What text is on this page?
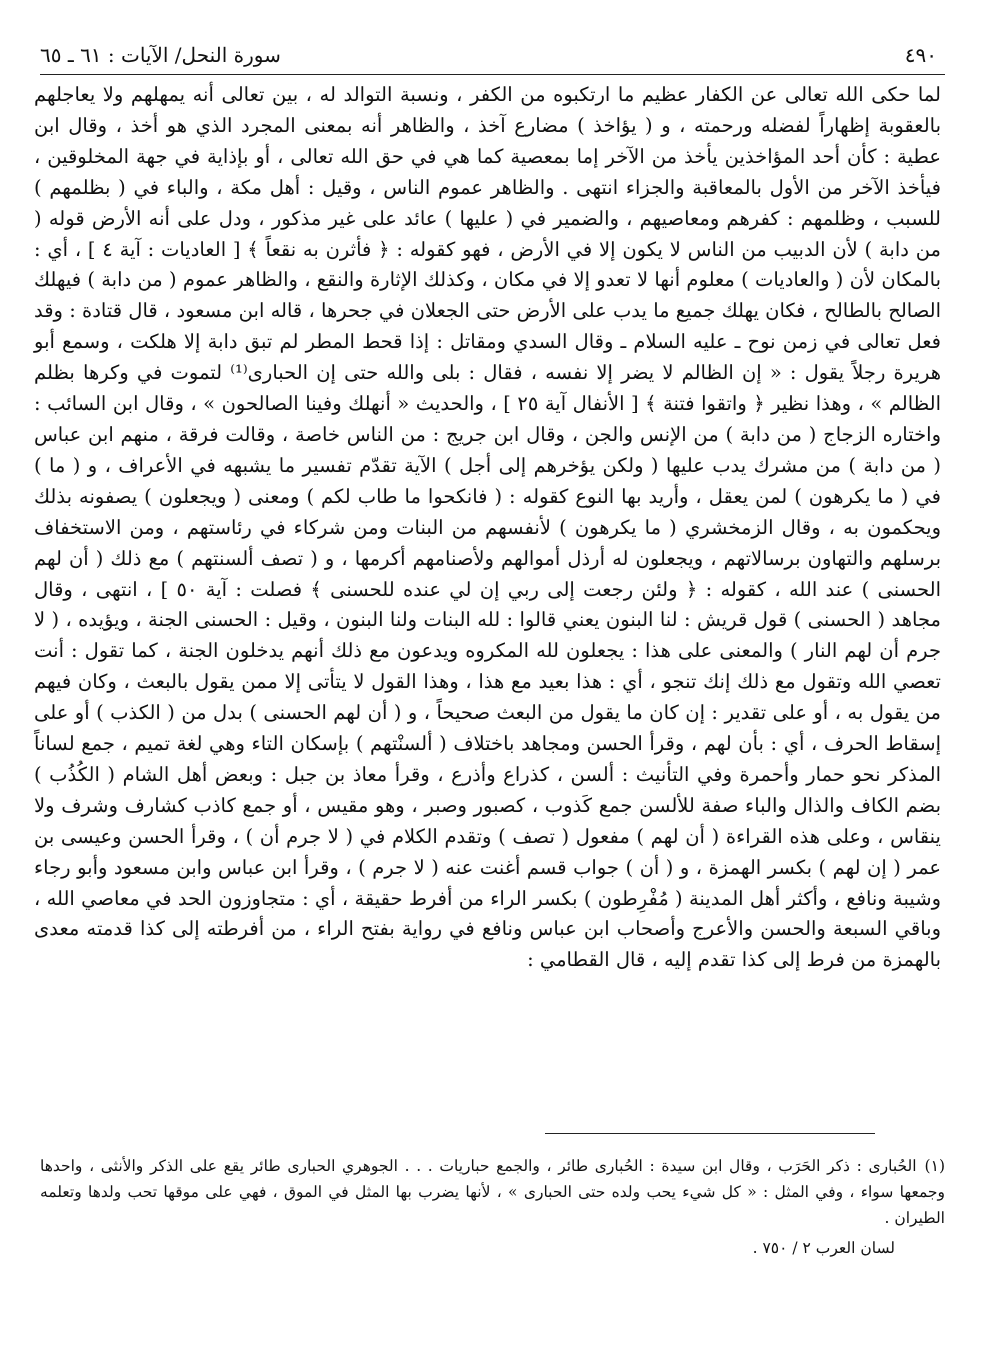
٤٩٠
سورة النحل/ الآيات : ٦١ ـ ٦٥

لما حكى الله تعالى عن الكفار عظيم ما ارتكبوه من الكفر ، ونسبة التوالد له ، بين تعالى أنه يمهلهم ولا يعاجلهم بالعقوبة إظهاراً لفضله ورحمته ، و ( يؤاخذ ) مضارع آخذ ، والظاهر أنه بمعنى المجرد الذي هو أخذ ، وقال ابن عطية : كأن أحد المؤاخذين يأخذ من الآخر إما بمعصية كما هي في حق الله تعالى ، أو بإذاية في جهة المخلوقين ، فيأخذ الآخر من الأول بالمعاقبة والجزاء انتهى . والظاهر عموم الناس ، وقيل : أهل مكة ، والباء في ( بظلمهم ) للسبب ، وظلمهم : كفرهم ومعاصيهم ، والضمير في ( عليها ) عائد على غير مذكور ، ودل على أنه الأرض قوله ( من دابة ) لأن الدبيب من الناس لا يكون إلا في الأرض ، فهو كقوله : ﴿ فأثرن به نقعاً ﴾ [ العاديات : آية ٤ ] ، أي : بالمكان لأن ( والعاديات ) معلوم أنها لا تعدو إلا في مكان ، وكذلك الإثارة والنقع ، والظاهر عموم ( من دابة ) فيهلك الصالح بالطالح ، فكان يهلك جميع ما يدب على الأرض حتى الجعلان في جحرها ، قاله ابن مسعود ، قال قتادة : وقد فعل تعالى في زمن نوح ـ عليه السلام ـ وقال السدي ومقاتل : إذا قحط المطر لم تبق دابة إلا هلكت ، وسمع أبو هريرة رجلاً يقول : « إن الظالم لا يضر إلا نفسه ، فقال : بلى والله حتى إن الحبارى⁽¹⁾ لتموت في وكرها بظلم الظالم » ، وهذا نظير ﴿ واتقوا فتنة ﴾ [ الأنفال آية ٢٥ ] ، والحديث « أنهلك وفينا الصالحون » ، وقال ابن السائب : واختاره الزجاج ( من دابة ) من الإنس والجن ، وقال ابن جريج : من الناس خاصة ، وقالت فرقة ، منهم ابن عباس ( من دابة ) من مشرك يدب عليها ( ولكن يؤخرهم إلى أجل ) الآية تقدّم تفسير ما يشبهه في الأعراف ، و ( ما ) في ( ما يكرهون ) لمن يعقل ، وأريد بها النوع كقوله : ( فانكحوا ما طاب لكم ) ومعنى ( ويجعلون ) يصفونه بذلك ويحكمون به ، وقال الزمخشري ( ما يكرهون ) لأنفسهم من البنات ومن شركاء في رئاستهم ، ومن الاستخفاف برسلهم والتهاون برسالاتهم ، ويجعلون له أرذل أموالهم ولأصنامهم أكرمها ، و ( تصف ألسنتهم ) مع ذلك ( أن لهم الحسنى ) عند الله ، كقوله : ﴿ ولئن رجعت إلى ربي إن لي عنده للحسنى ﴾ فصلت : آية ٥٠ ] ، انتهى ، وقال مجاهد ( الحسنى ) قول قريش : لنا البنون يعني قالوا : لله البنات ولنا البنون ، وقيل : الحسنى الجنة ، ويؤيده ، ( لا جرم أن لهم النار ) والمعنى على هذا : يجعلون لله المكروه ويدعون مع ذلك أنهم يدخلون الجنة ، كما تقول : أنت تعصي الله وتقول مع ذلك إنك تنجو ، أي : هذا بعيد مع هذا ، وهذا القول لا يتأتى إلا ممن يقول بالبعث ، وكان فيهم من يقول به ، أو على تقدير : إن كان ما يقول من البعث صحيحاً ، و ( أن لهم الحسنى ) بدل من ( الكذب ) أو على إسقاط الحرف ، أي : بأن لهم ، وقرأ الحسن ومجاهد باختلاف ( ألسنْتهم ) بإسكان التاء وهي لغة تميم ، جمع لساناً المذكر نحو حمار وأحمرة وفي التأنيث : ألسن ، كذراع وأذرع ، وقرأ معاذ بن جبل : وبعض أهل الشام ( الكُذُب ) بضم الكاف والذال والباء صفة للألسن جمع كَذوب ، كصبور وصبر ، وهو مقيس ، أو جمع كاذب كشارف وشرف ولا ينقاس ، وعلى هذه القراءة ( أن لهم ) مفعول ( تصف ) وتقدم الكلام في ( لا جرم أن ) ، وقرأ الحسن وعيسى بن عمر ( إن لهم ) بكسر الهمزة ، و ( أن ) جواب قسم أغنت عنه ( لا جرم ) ، وقرأ ابن عباس وابن مسعود وأبو رجاء وشيبة ونافع ، وأكثر أهل المدينة ( مُفْرِطون ) بكسر الراء من أفرط حقيقة ، أي : متجاوزون الحد في معاصي الله ، وباقي السبعة والحسن والأعرج وأصحاب ابن عباس ونافع في رواية بفتح الراء ، من أفرطته إلى كذا قدمته معدى بالهمزة من فرط إلى كذا تقدم إليه ، قال القطامي :

(١)الحُبارى : ذكر الحَرَب ، وقال ابن سيدة : الحُبارى طائر ، والجمع حباريات . . . الجوهري الحبارى طائر يقع على الذكر والأنثى ، واحدها وجمعها سواء ، وفي المثل : « كل شيء يحب ولده حتى الحبارى » ، لأنها يضرب بها المثل في الموق ، فهي على موقها تحب ولدها وتعلمه الطيران .

لسان العرب ٢ / ٧٥٠ .
